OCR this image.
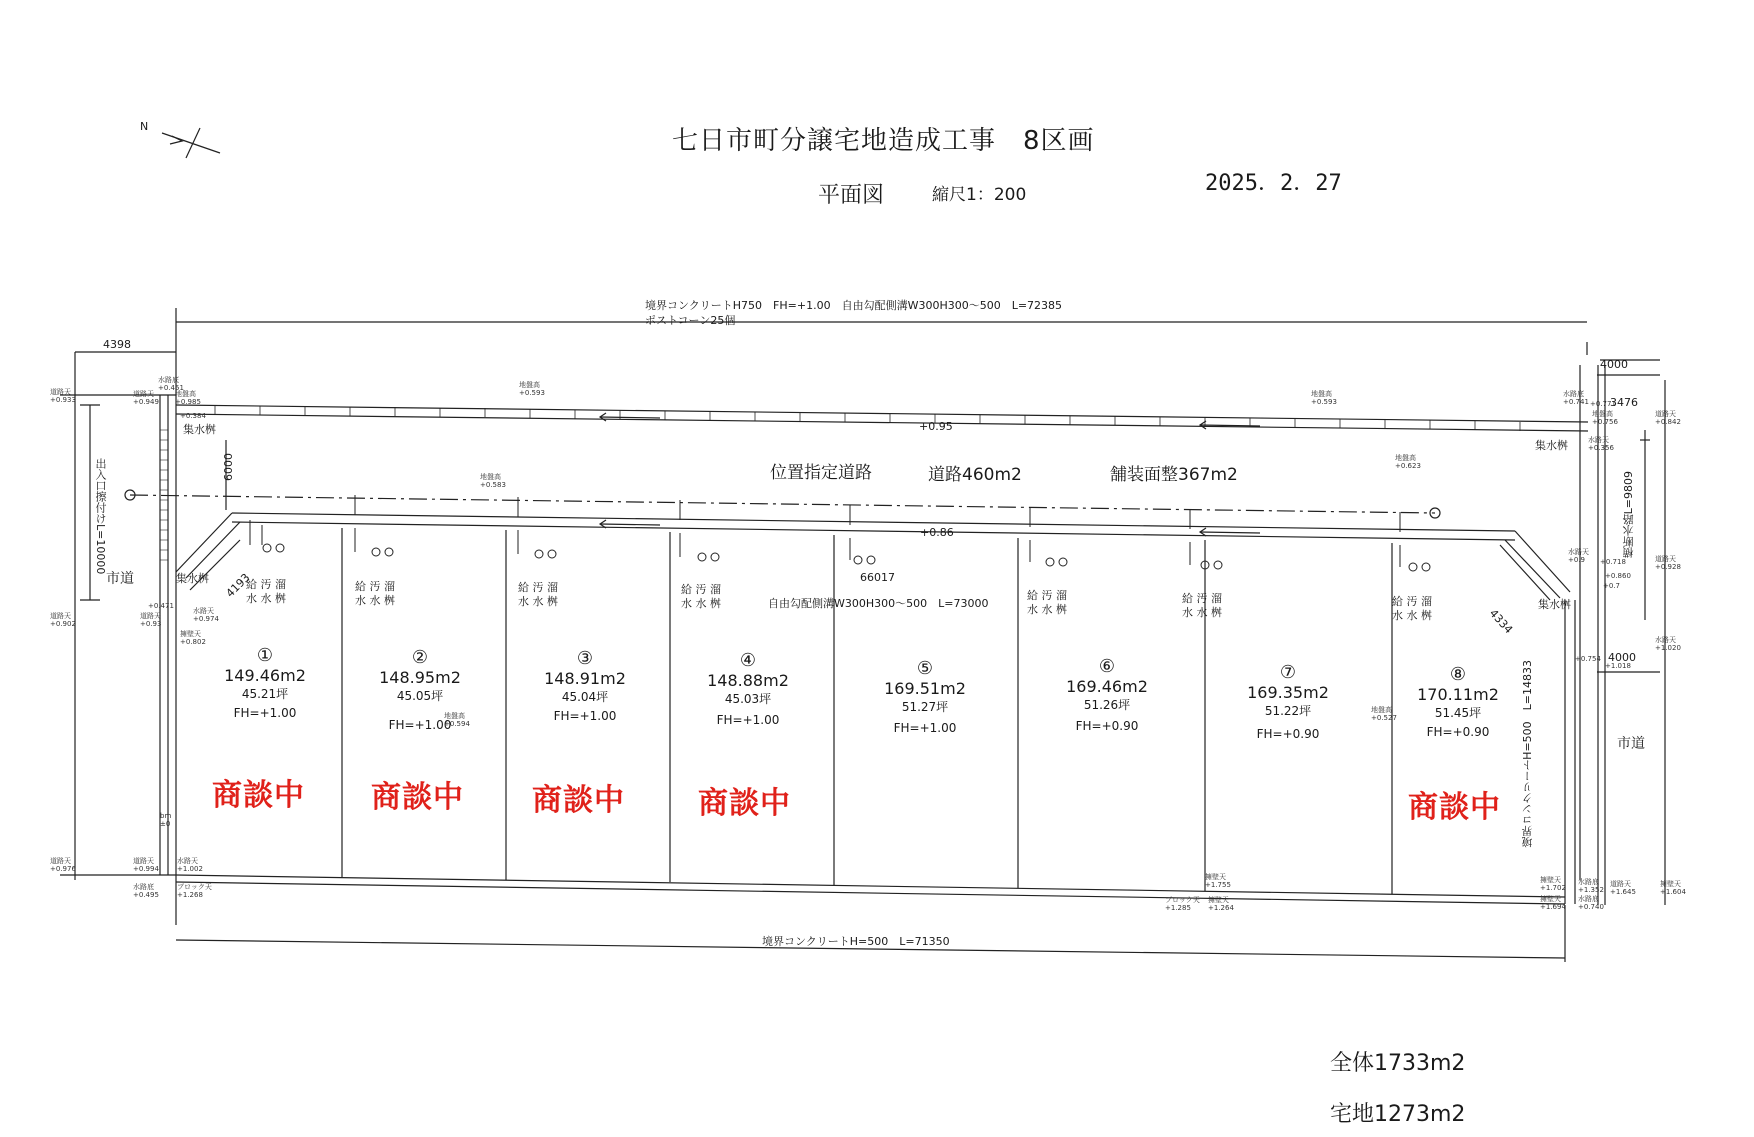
N	七日市町分譲宅地造成工事　8区画
平面図	縮尺1：200	2025．2．27
境界コンクリートH750　FH=+1.00　自由勾配側溝W300H300～500　L=72385
ポストコーン25個
境界コンクリートH=500　L=71350
位置指定道路	道路460m2	舗装面整367m2
自由勾配側溝W300H300～500　L=73000
66017
市道
市道
集水桝
集水桝
集水桝
集水桝
4398
4000
3476
4000
6000
4193
4334
出入口擦付けL=10000	横断水路L=9809
境界コンクリートH=500　L=14833
+0.95
+0.86
地盤高
+0.593	地盤高
+0.593
地盤高
+0.583
地盤高
+0.623
地盤高
+0.594
地盤高
+0.527
道路天
+0.933
水路底
+0.451
道路天
+0.949
地盤高
+0.985
+0.384
道路天
+0.902
水路天
+0.974
道路天
+0.93
擁壁天
+0.802
+0.471
道路天
+0.976
道路天
+0.994
水路天
+1.002
水路底
+0.495
ブロック天
+1.268
bm
±0
ブロック天
+1.285
擁壁天
+1.755
擁壁天
+1.264
水路底
+0.741 +0.771
地盤高
+0.756
道路天
+0.842
水路天
+0.356
水路天
+0.9	+0.718	道路天
+0.928
+0.860
+0.7
水路天
+1.020
+0.754
+1.018
擁壁天
+1.702
水路底
+1.352
道路天
+1.645
擁壁天
+1.604
擁壁天
+1.694
水路底
+0.740
給 汚 溜
水 水 桝
給 汚 溜
水 水 桝
給 汚 溜
水 水 桝
給 汚 溜
水 水 桝
給 汚 溜
水 水 桝
給 汚 溜
水 水 桝
給 汚 溜
水 水 桝
①
149.46m2
45.21坪
FH=+1.00
②
148.95m2
45.05坪
FH=+1.00
③
148.91m2
45.04坪
FH=+1.00
④
148.88m2
45.03坪
FH=+1.00
⑤
169.51m2
51.27坪
FH=+1.00
⑥
169.46m2
51.26坪
FH=+0.90
⑦
169.35m2
51.22坪
FH=+0.90
⑧
170.11m2
51.45坪
FH=+0.90
商談中 商談中 商談中 商談中	商談中
全体1733m2
宅地1273m2
